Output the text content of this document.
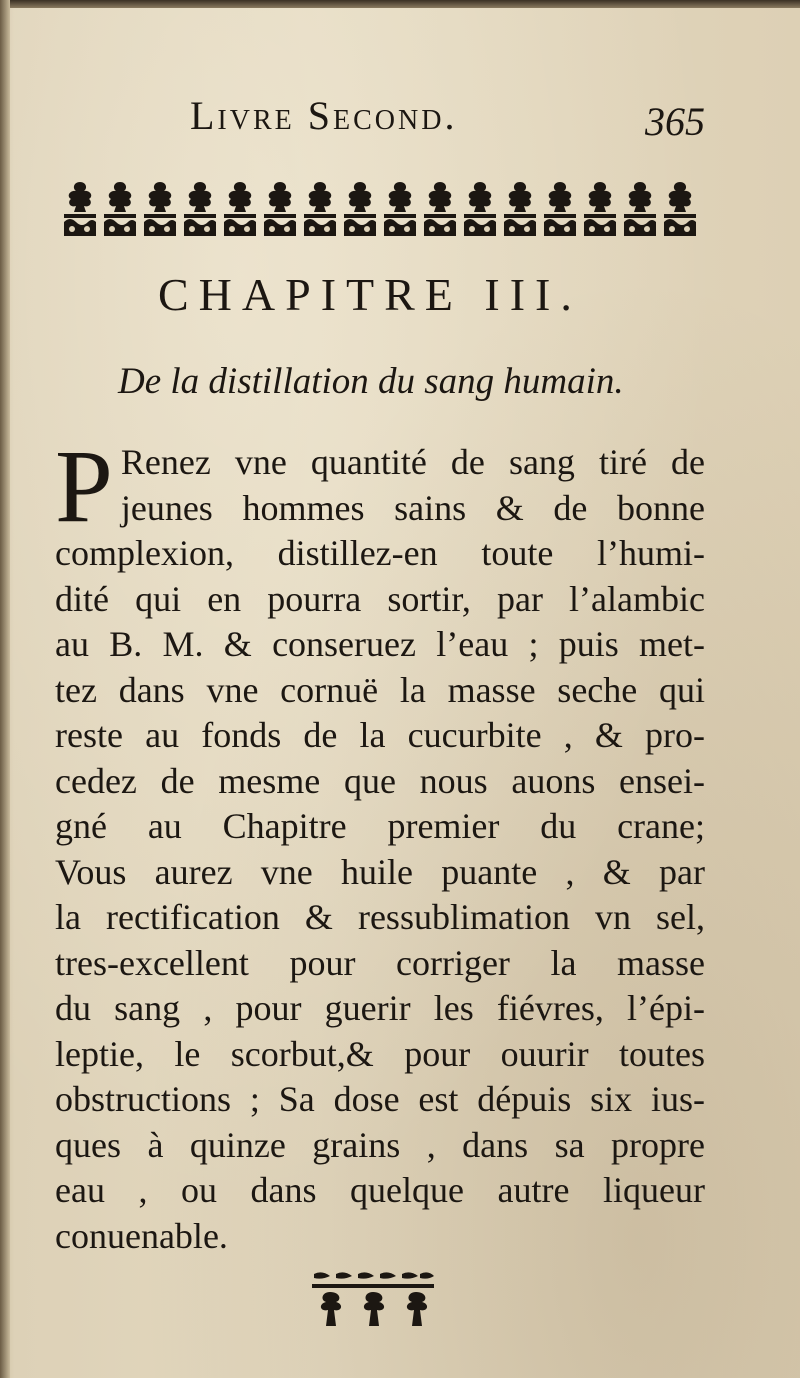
Livre Second.	365
CHAPITRE III.
De la distillation du sang humain.
P Renez vne quantité de sang tiré de
jeunes hommes sains & de bonne
complexion, distillez-en toute l’humi-
dité qui en pourra sortir, par l’alambic
au B. M. & conseruez l’eau ; puis met-
tez dans vne cornuë la masse seche qui
reste au fonds de la cucurbite , & pro-
cedez de mesme que nous auons ensei-
gné au Chapitre premier du crane;
Vous aurez vne huile puante , & par
la rectification & ressublimation vn sel,
tres-excellent pour corriger la masse
du sang , pour guerir les fiévres, l’épi-
leptie, le scorbut,& pour ouurir toutes
obstructions ; Sa dose est dépuis six ius-
ques à quinze grains , dans sa propre
eau , ou dans quelque autre liqueur
conuenable.
